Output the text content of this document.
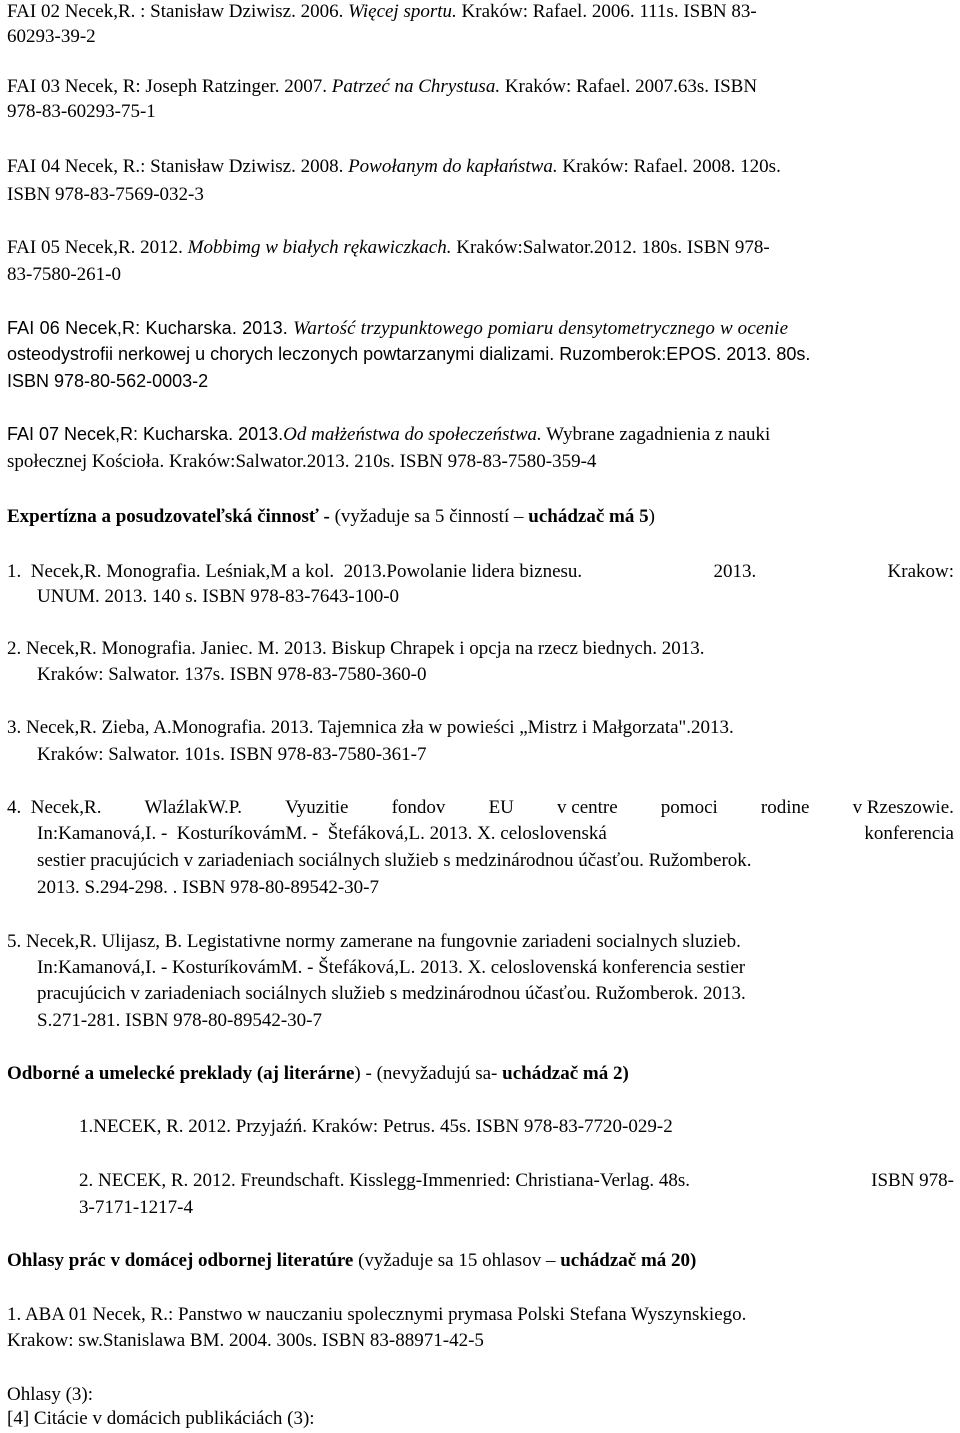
FAI 02 Necek,R. : Stanisław Dziwisz. 2006. Więcej sportu. Kraków: Rafael. 2006. 111s. ISBN 83-
60293-39-2
FAI 03 Necek, R: Joseph Ratzinger. 2007. Patrzeć na Chrystusa. Kraków: Rafael. 2007.63s. ISBN
978-83-60293-75-1
FAI 04 Necek, R.: Stanisław Dziwisz. 2008. Powołanym do kapłaństwa. Kraków: Rafael. 2008. 120s.
ISBN 978-83-7569-032-3
FAI 05 Necek,R. 2012. Mobbimg w białych rękawiczkach. Kraków:Salwator.2012. 180s. ISBN 978-
83-7580-261-0
FAI 06 Necek,R: Kucharska. 2013. Wartość trzypunktowego pomiaru densytometrycznego w ocenie
osteodystrofii nerkowej u chorych leczonych powtarzanymi dializami. Ruzomberok:EPOS. 2013. 80s.
ISBN 978-80-562-0003-2
FAI 07 Necek,R: Kucharska. 2013.Od małżeństwa do społeczeństwa. Wybrane zagadnienia z nauki
społecznej Kościoła. Kraków:Salwator.2013. 210s. ISBN 978-83-7580-359-4
Expertízna a posudzovateľská činnosť - (vyžaduje sa 5 činností – uchádzač má 5)
1.  Necek,R. Monografia. Leśniak,M a kol.  2013.Powolanie lidera biznesu.	2013.	Krakow:
UNUM. 2013. 140 s. ISBN 978-83-7643-100-0
2. Necek,R. Monografia. Janiec. M. 2013. Biskup Chrapek i opcja na rzecz biednych. 2013.
Kraków: Salwator. 137s. ISBN 978-83-7580-360-0
3. Necek,R. Zieba, A.Monografia. 2013. Tajemnica zła w powieści „Mistrz i Małgorzata".2013.
Kraków: Salwator. 101s. ISBN 978-83-7580-361-7
4.  Necek,R. WlaźlakW.P. Vyuzitie fondov EU v centre pomoci rodine v Rzeszowie.
In:Kamanová,I. -  KosturíkovámM. -  Štefáková,L. 2013. X. celoslovenská	konferencia
sestier pracujúcich v zariadeniach sociálnych služieb s medzinárodnou účasťou. Ružomberok.
2013. S.294-298. . ISBN 978-80-89542-30-7
5. Necek,R. Ulijasz, B. Legistativne normy zamerane na fungovnie zariadeni socialnych sluzieb.
In:Kamanová,I. - KosturíkovámM. - Štefáková,L. 2013. X. celoslovenská konferencia sestier
pracujúcich v zariadeniach sociálnych služieb s medzinárodnou účasťou. Ružomberok. 2013.
S.271-281. ISBN 978-80-89542-30-7
Odborné a umelecké preklady (aj literárne) - (nevyžadujú sa- uchádzač má 2)
1.NECEK, R. 2012. Przyjaźń. Kraków: Petrus. 45s. ISBN 978-83-7720-029-2
2. NECEK, R. 2012. Freundschaft. Kisslegg-Immenried: Christiana-Verlag. 48s.	ISBN 978-
3-7171-1217-4
Ohlasy prác v domácej odbornej literatúre (vyžaduje sa 15 ohlasov – uchádzač má 20)
1. ABA 01 Necek, R.: Panstwo w nauczaniu spolecznymi prymasa Polski Stefana Wyszynskiego.
Krakow: sw.Stanislawa BM. 2004. 300s. ISBN 83-88971-42-5
Ohlasy (3):
[4] Citácie v domácich publikáciách (3):
